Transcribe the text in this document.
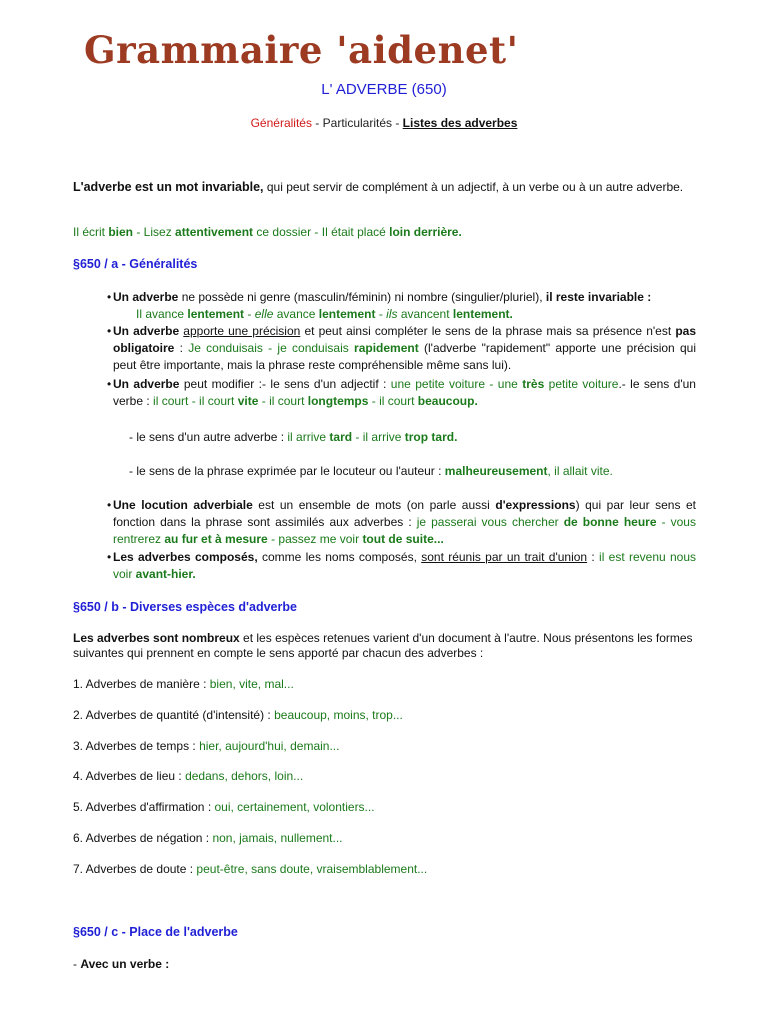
Grammaire 'aidenet'
L' ADVERBE (650)
Généralités - Particularités - Listes des adverbes
L'adverbe est un mot invariable, qui peut servir de complément à un adjectif, à un verbe ou à un autre adverbe.
Il écrit bien - Lisez attentivement ce dossier - Il était placé loin derrière.
§650 / a - Généralités
• Un adverbe ne possède ni genre (masculin/féminin) ni nombre (singulier/pluriel), il reste invariable :

Il avance lentement - elle avance lentement - ils avancent lentement.
• Un adverbe apporte une précision et peut ainsi compléter le sens de la phrase mais sa présence n'est pas obligatoire : Je conduisais - je conduisais rapidement (l'adverbe "rapidement" apporte une précision qui peut être importante, mais la phrase reste compréhensible même sans lui).

• Un adverbe peut modifier :- le sens d'un adjectif : une petite voiture - une très petite voiture.- le sens d'un verbe : il court - il court vite - il court longtemps - il court beaucoup.

- le sens d'un autre adverbe : il arrive tard - il arrive trop tard.
- le sens de la phrase exprimée par le locuteur ou l'auteur : malheureusement, il allait vite.
• Une locution adverbiale est un ensemble de mots (on parle aussi d'expressions) qui par leur sens et fonction dans la phrase sont assimilés aux adverbes : je passerai vous chercher de bonne heure - vous rentrerez au fur et à mesure - passez me voir tout de suite...

• Les adverbes composés, comme les noms composés, sont réunis par un trait d'union : il est revenu nous voir avant-hier.

§650 / b - Diverses espèces d'adverbe
Les adverbes sont nombreux et les espèces retenues varient d'un document à l'autre. Nous présentons les formes suivantes qui prennent en compte le sens apporté par chacun des adverbes :
1. Adverbes de manière : bien, vite, mal...
2. Adverbes de quantité (d'intensité) : beaucoup, moins, trop...
3. Adverbes de temps : hier, aujourd'hui, demain...
4. Adverbes de lieu : dedans, dehors, loin...
5. Adverbes d'affirmation : oui, certainement, volontiers...
6. Adverbes de négation : non, jamais, nullement...
7. Adverbes de doute : peut-être, sans doute, vraisemblablement...
§650 / c - Place de l'adverbe
- Avec un verbe :
